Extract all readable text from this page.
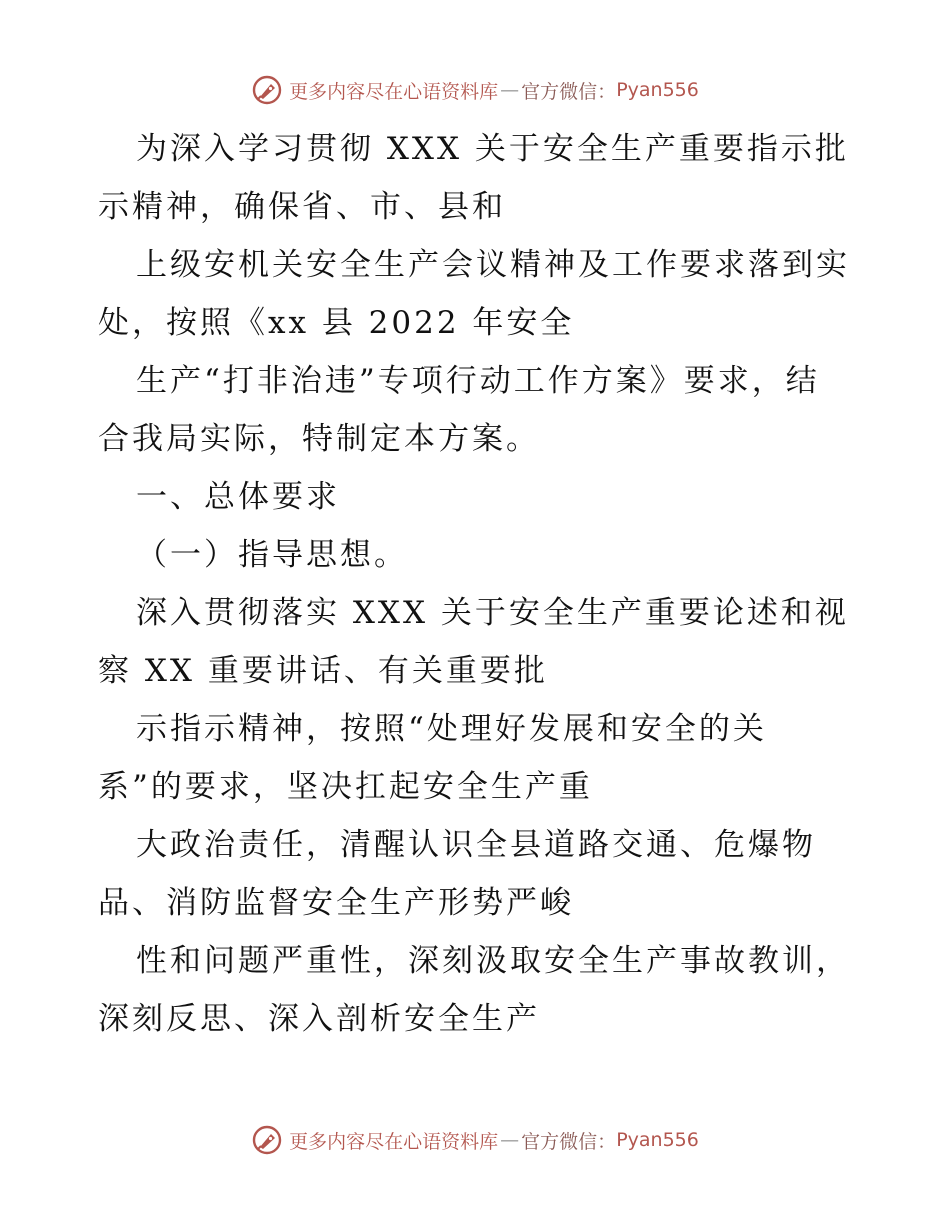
更多内容尽在心语资料库 — 官方微信： Pyan556
为深入学习贯彻 XXX 关于安全生产重要指示批
示精神，确保省、市、县和
上级安机关安全生产会议精神及工作要求落到实
处，按照《xx 县 2022 年安全
生产“打非治违”专项行动工作方案》要求，结
合我局实际，特制定本方案。
一、总体要求
（一）指导思想。
深入贯彻落实 XXX 关于安全生产重要论述和视
察 XX 重要讲话、有关重要批
示指示精神，按照“处理好发展和安全的关
系”的要求，坚决扛起安全生产重
大政治责任，清醒认识全县道路交通、危爆物
品、消防监督安全生产形势严峻
性和问题严重性，深刻汲取安全生产事故教训，
深刻反思、深入剖析安全生产
更多内容尽在心语资料库 — 官方微信： Pyan556
